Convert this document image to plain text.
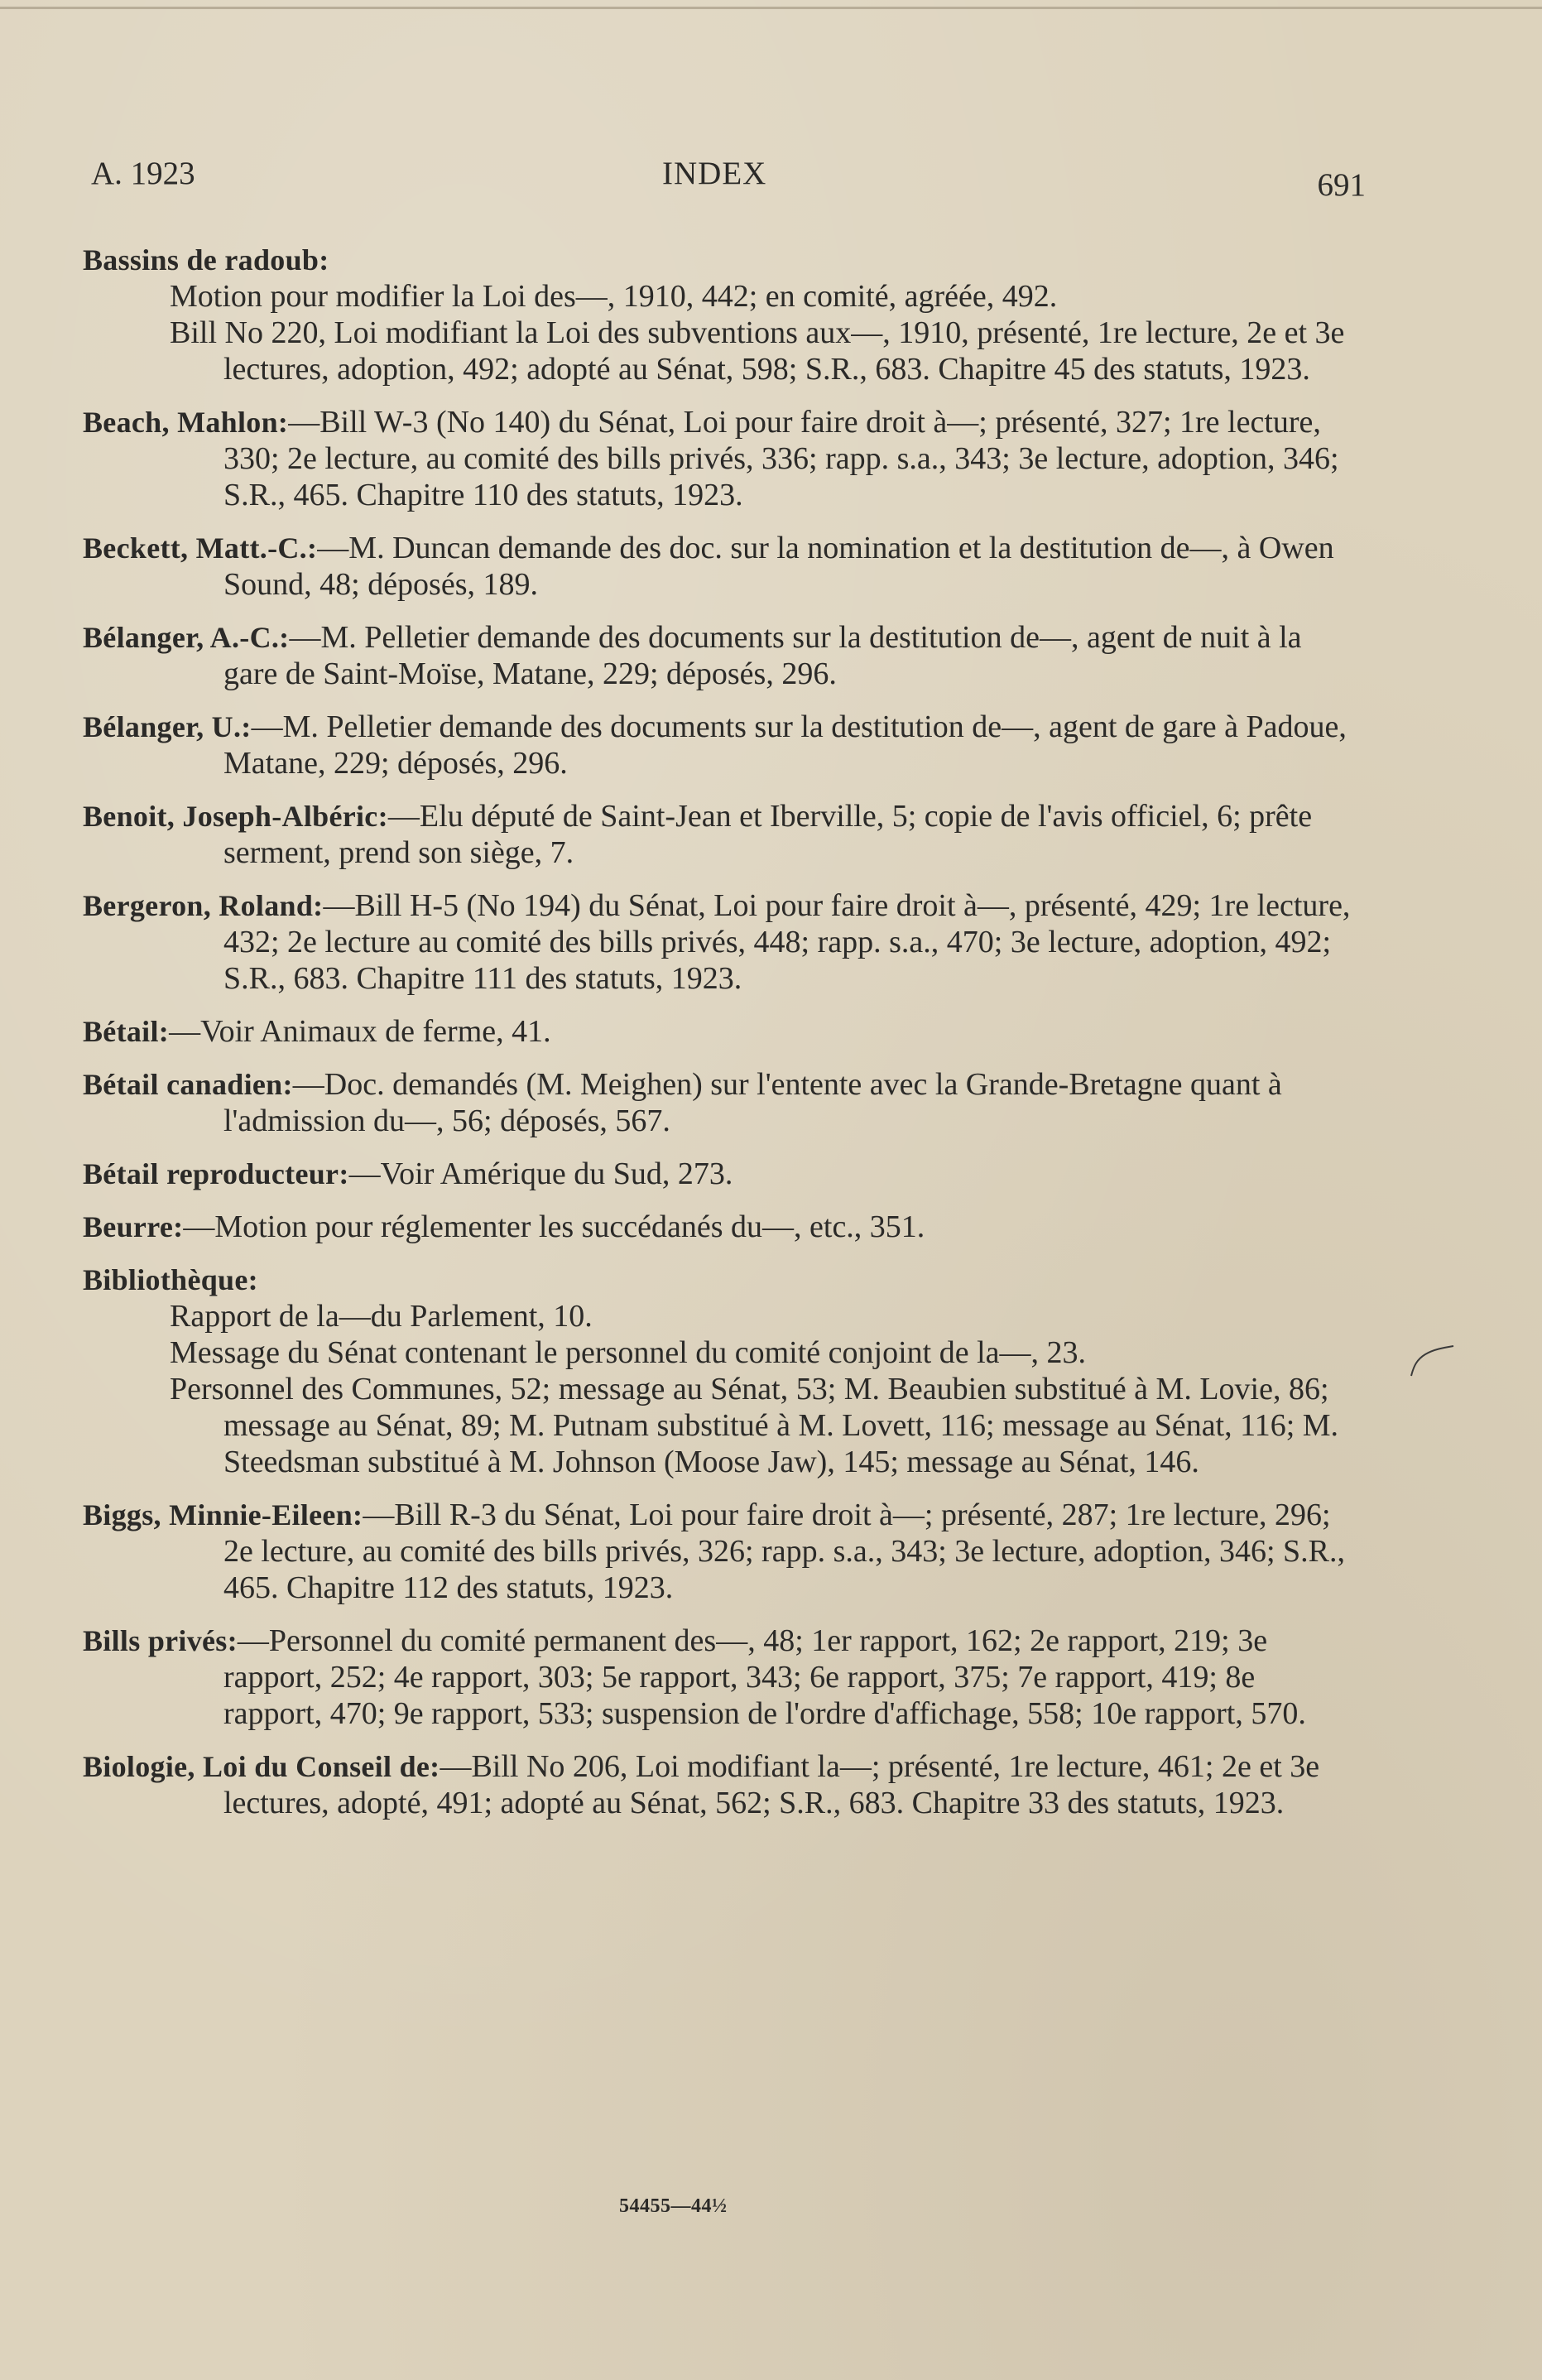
A. 1923	INDEX	691
Bassins de radoub:

Motion pour modifier la Loi des—, 1910, 442; en comité, agréée, 492.

Bill No 220, Loi modifiant la Loi des subventions aux—, 1910, présenté, 1re lecture, 2e et 3e lectures, adoption, 492; adopté au Sénat, 598; S.R., 683. Chapitre 45 des statuts, 1923.

Beach, Mahlon:—Bill W-3 (No 140) du Sénat, Loi pour faire droit à—; présenté, 327; 1re lecture, 330; 2e lecture, au comité des bills privés, 336; rapp. s.a., 343; 3e lecture, adoption, 346; S.R., 465. Chapitre 110 des statuts, 1923.
Beckett, Matt.-C.:—M. Duncan demande des doc. sur la nomination et la destitution de—, à Owen Sound, 48; déposés, 189.
Bélanger, A.-C.:—M. Pelletier demande des documents sur la destitution de—, agent de nuit à la gare de Saint-Moïse, Matane, 229; déposés, 296.
Bélanger, U.:—M. Pelletier demande des documents sur la destitution de—, agent de gare à Padoue, Matane, 229; déposés, 296.
Benoit, Joseph-Albéric:—Elu député de Saint-Jean et Iberville, 5; copie de l'avis officiel, 6; prête serment, prend son siège, 7.
Bergeron, Roland:—Bill H-5 (No 194) du Sénat, Loi pour faire droit à—, présenté, 429; 1re lecture, 432; 2e lecture au comité des bills privés, 448; rapp. s.a., 470; 3e lecture, adoption, 492; S.R., 683. Chapitre 111 des statuts, 1923.
Bétail:—Voir Animaux de ferme, 41.
Bétail canadien:—Doc. demandés (M. Meighen) sur l'entente avec la Grande-Bretagne quant à l'admission du—, 56; déposés, 567.
Bétail reproducteur:—Voir Amérique du Sud, 273.
Beurre:—Motion pour réglementer les succédanés du—, etc., 351.
Bibliothèque:

Rapport de la—du Parlement, 10.

Message du Sénat contenant le personnel du comité conjoint de la—, 23.

Personnel des Communes, 52; message au Sénat, 53; M. Beaubien substitué à M. Lovie, 86; message au Sénat, 89; M. Putnam substitué à M. Lovett, 116; message au Sénat, 116; M. Steedsman substitué à M. Johnson (Moose Jaw), 145; message au Sénat, 146.

Biggs, Minnie-Eileen:—Bill R-3 du Sénat, Loi pour faire droit à—; présenté, 287; 1re lecture, 296; 2e lecture, au comité des bills privés, 326; rapp. s.a., 343; 3e lecture, adoption, 346; S.R., 465. Chapitre 112 des statuts, 1923.
Bills privés:—Personnel du comité permanent des—, 48; 1er rapport, 162; 2e rapport, 219; 3e rapport, 252; 4e rapport, 303; 5e rapport, 343; 6e rapport, 375; 7e rapport, 419; 8e rapport, 470; 9e rapport, 533; suspension de l'ordre d'affichage, 558; 10e rapport, 570.
Biologie, Loi du Conseil de:—Bill No 206, Loi modifiant la—; présenté, 1re lecture, 461; 2e et 3e lectures, adopté, 491; adopté au Sénat, 562; S.R., 683. Chapitre 33 des statuts, 1923.
54455—44½
